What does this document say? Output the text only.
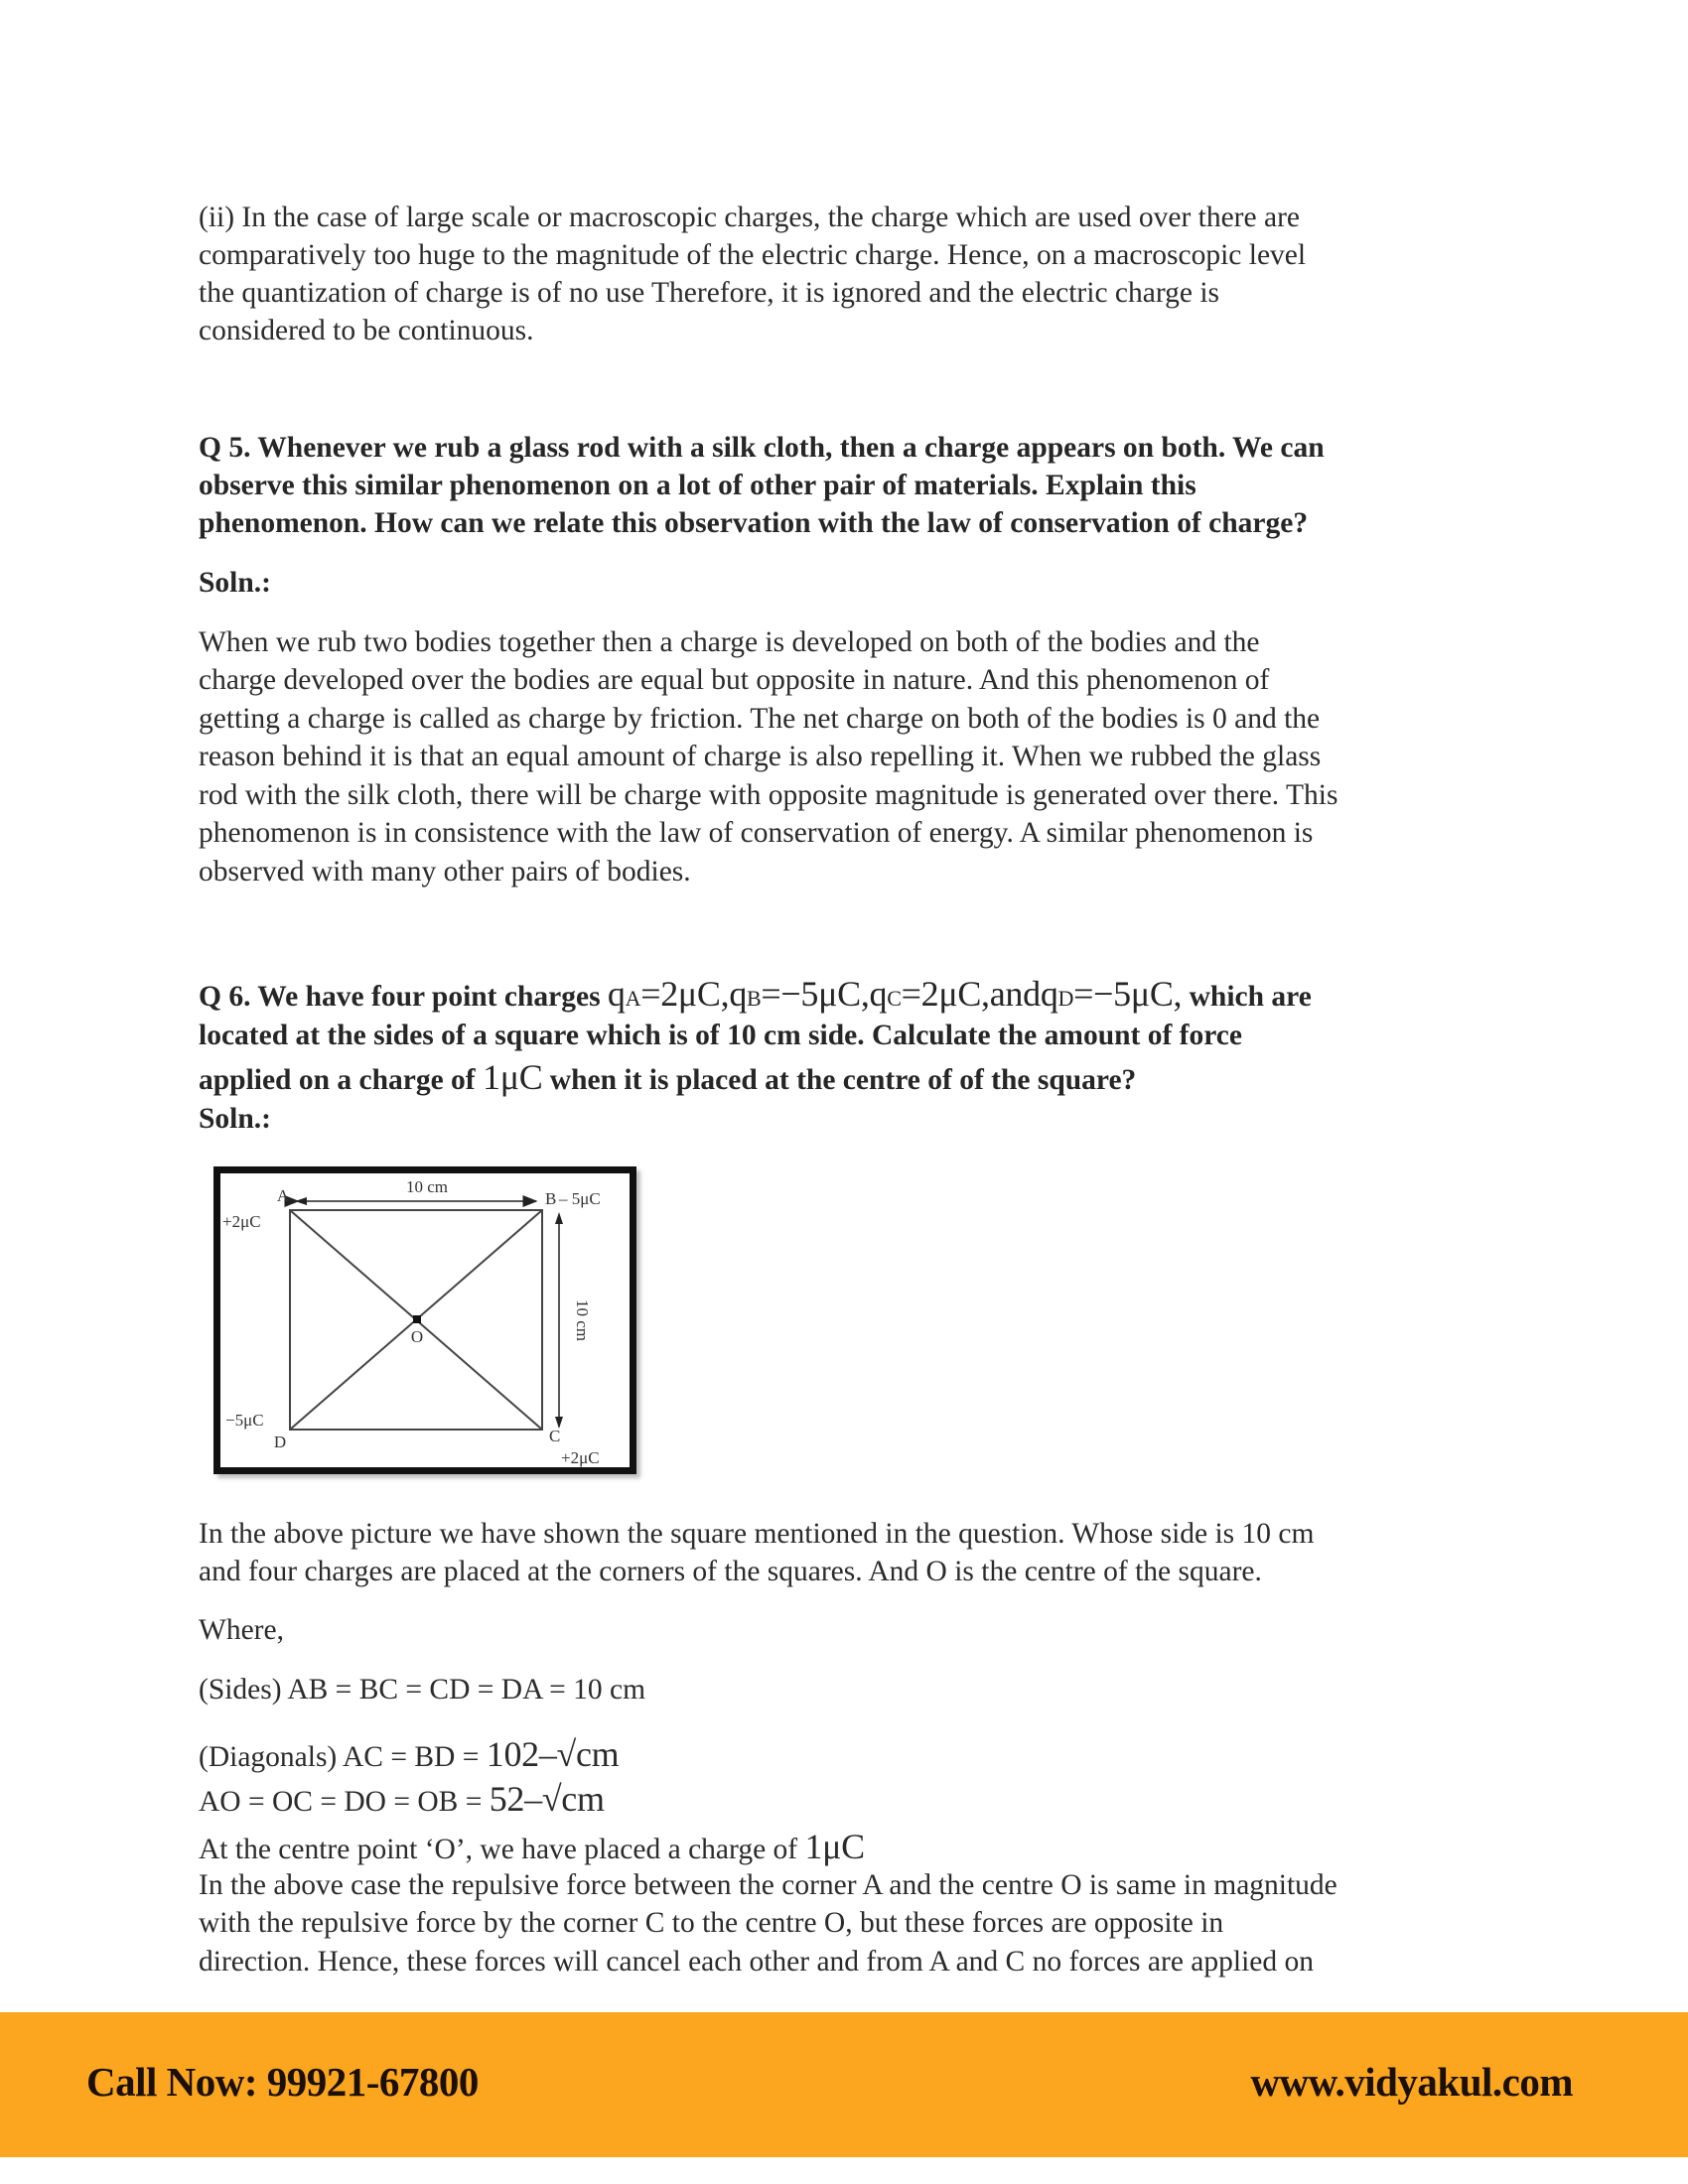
(ii) In the case of large scale or macroscopic charges, the charge which are used over there are
comparatively too huge to the magnitude of the electric charge. Hence, on a macroscopic level
the quantization of charge is of no use Therefore, it is ignored and the electric charge is
considered to be continuous.
Q 5. Whenever we rub a glass rod with a silk cloth, then a charge appears on both. We can
observe this similar phenomenon on a lot of other pair of materials. Explain this
phenomenon. How can we relate this observation with the law of conservation of charge?
Soln.:
When we rub two bodies together then a charge is developed on both of the bodies and the
charge developed over the bodies are equal but opposite in nature. And this phenomenon of
getting a charge is called as charge by friction. The net charge on both of the bodies is 0 and the
reason behind it is that an equal amount of charge is also repelling it. When we rubbed the glass
rod with the silk cloth, there will be charge with opposite magnitude is generated over there. This
phenomenon is in consistence with the law of conservation of energy. A similar phenomenon is
observed with many other pairs of bodies.
Q 6. We have four point charges qA=2μC,qB=−5μC,qC=2μC,andqD=−5μC, which are
located at the sides of a square which is of 10 cm side. Calculate the amount of force
applied on a charge of 1μC when it is placed at the centre of of the square?
Soln.:
10 cm
A	B – 5μC
+2μC
O	10 cm
−5μC
D	C
+2μC
In the above picture we have shown the square mentioned in the question. Whose side is 10 cm
and four charges are placed at the corners of the squares. And O is the centre of the square.
Where,
(Sides) AB = BC = CD = DA = 10 cm
(Diagonals) AC = BD = 102–√cm
AO = OC = DO = OB = 52–√cm
At the centre point ‘O’, we have placed a charge of 1μC
In the above case the repulsive force between the corner A and the centre O is same in magnitude
with the repulsive force by the corner C to the centre O, but these forces are opposite in
direction. Hence, these forces will cancel each other and from A and C no forces are applied on
Call Now: 99921-67800	www.vidyakul.com
